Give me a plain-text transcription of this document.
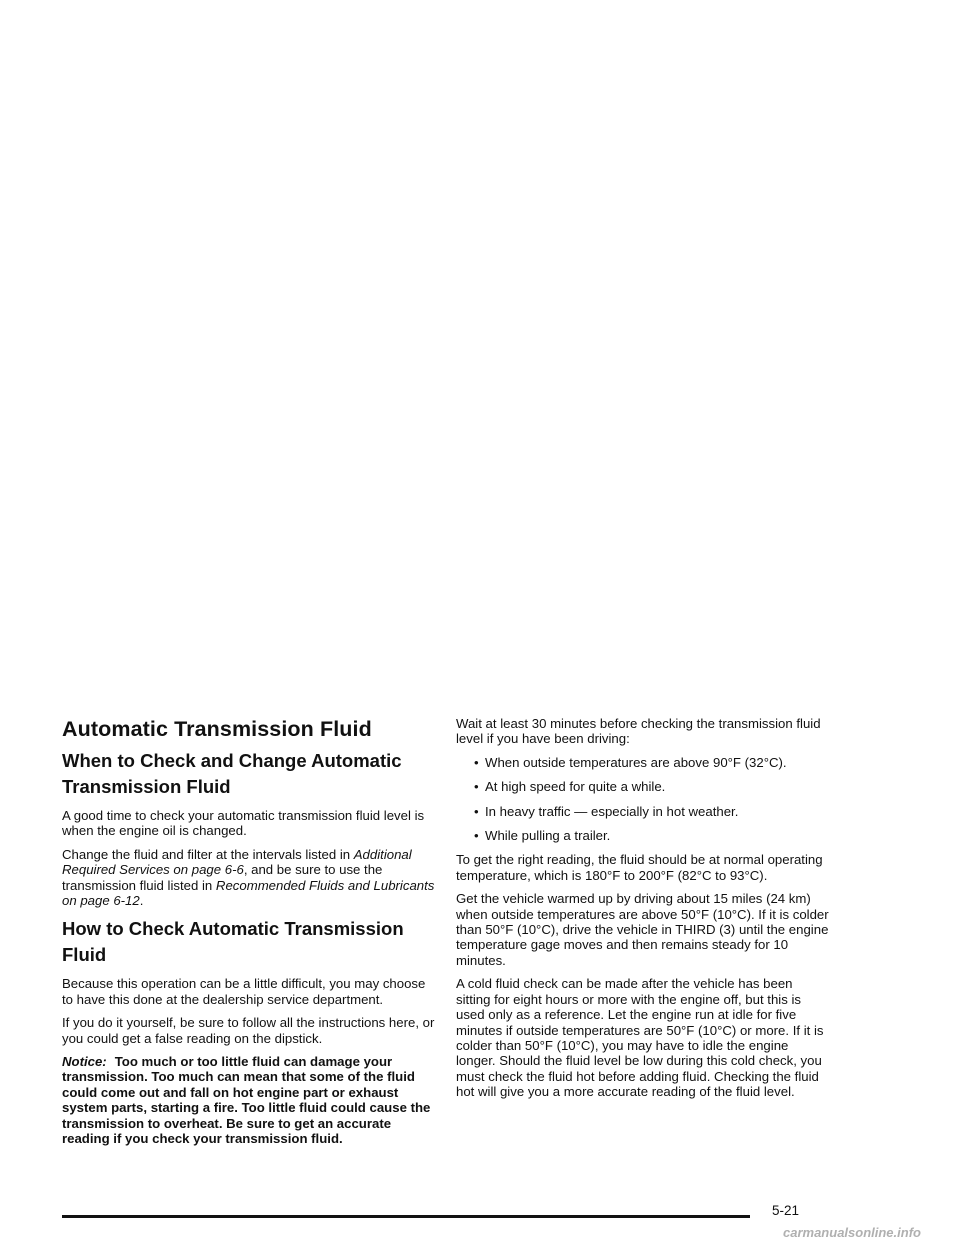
Automatic Transmission Fluid
When to Check and Change Automatic Transmission Fluid

A good time to check your automatic transmission fluid level is when the engine oil is changed.

Change the fluid and filter at the intervals listed in Additional Required Services on page 6-6, and be sure to use the transmission fluid listed in Recommended Fluids and Lubricants on page 6-12.

How to Check Automatic Transmission Fluid

Because this operation can be a little difficult, you may choose to have this done at the dealership service department.

If you do it yourself, be sure to follow all the instructions here, or you could get a false reading on the dipstick.

Notice: Too much or too little fluid can damage your transmission. Too much can mean that some of the fluid could come out and fall on hot engine part or exhaust system parts, starting a fire. Too little fluid could cause the transmission to overheat. Be sure to get an accurate reading if you check your transmission fluid.

Wait at least 30 minutes before checking the transmission fluid level if you have been driving:

• When outside temperatures are above 90°F (32°C).
• At high speed for quite a while.
• In heavy traffic — especially in hot weather.
• While pulling a trailer.

To get the right reading, the fluid should be at normal operating temperature, which is 180°F to 200°F (82°C to 93°C).

Get the vehicle warmed up by driving about 15 miles (24 km) when outside temperatures are above 50°F (10°C). If it is colder than 50°F (10°C), drive the vehicle in THIRD (3) until the engine temperature gage moves and then remains steady for 10 minutes.

A cold fluid check can be made after the vehicle has been sitting for eight hours or more with the engine off, but this is used only as a reference. Let the engine run at idle for five minutes if outside temperatures are 50°F (10°C) or more. If it is colder than 50°F (10°C), you may have to idle the engine longer. Should the fluid level be low during this cold check, you must check the fluid hot before adding fluid. Checking the fluid hot will give you a more accurate reading of the fluid level.

5-21
carmanualsonline.info
